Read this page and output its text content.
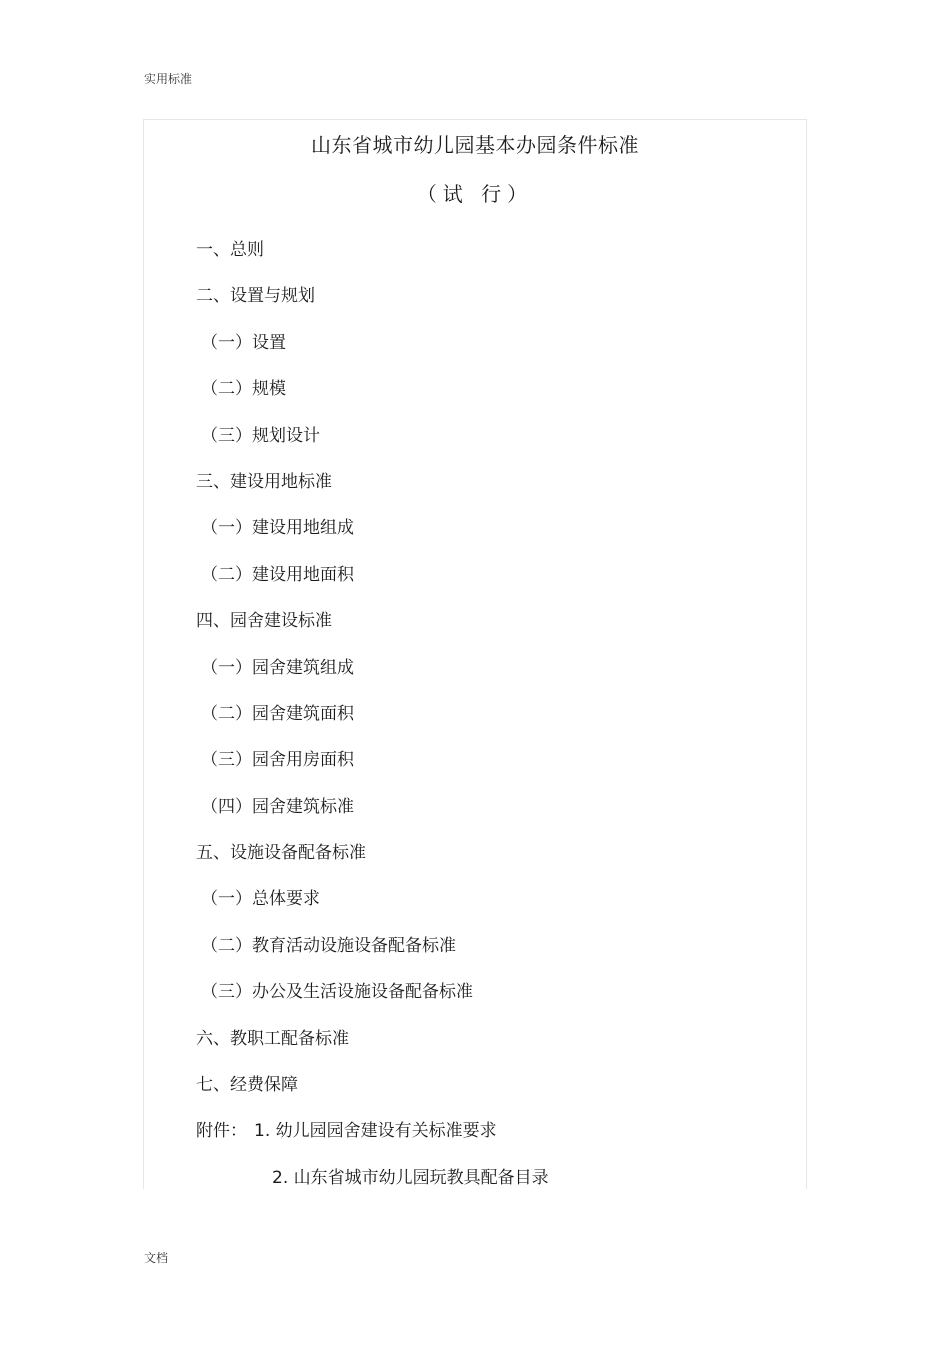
实用标准
山东省城市幼儿园基本办园条件标准
（试 行）
一、总则
二、设置与规划
（一）设置
（二）规模
（三）规划设计
三、建设用地标准
（一）建设用地组成
（二）建设用地面积
四、园舍建设标准
（一）园舍建筑组成
（二）园舍建筑面积
（三）园舍用房面积
（四）园舍建筑标准
五、设施设备配备标准
（一）总体要求
（二）教育活动设施设备配备标准
（三）办公及生活设施设备配备标准
六、教职工配备标准
七、经费保障
附件： 1. 幼儿园园舍建设有关标准要求
2. 山东省城市幼儿园玩教具配备目录
文档
